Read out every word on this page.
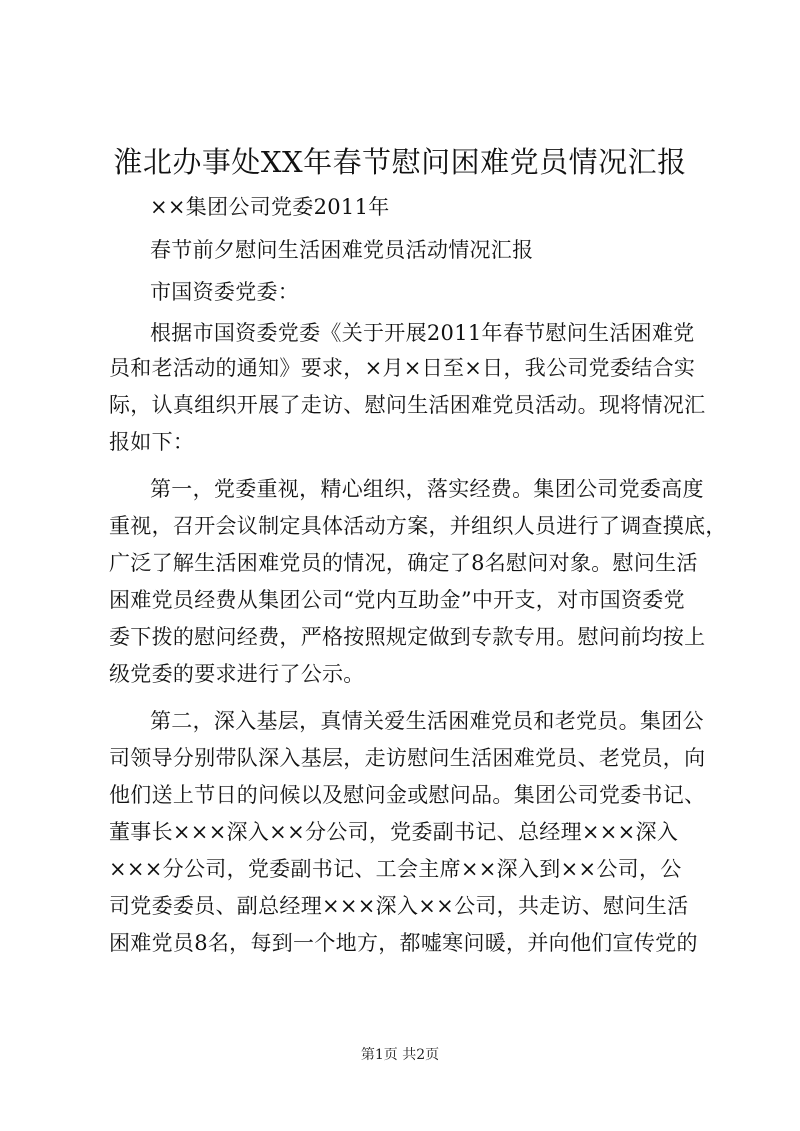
淮北办事处XX年春节慰问困难党员情况汇报
××集团公司党委2011年
春节前夕慰问生活困难党员活动情况汇报
市国资委党委：
根据市国资委党委《关于开展2011年春节慰问生活困难党
员和老活动的通知》要求，×月×日至×日，我公司党委结合实
际，认真组织开展了走访、慰问生活困难党员活动。现将情况汇
报如下：
第一，党委重视，精心组织，落实经费。集团公司党委高度
重视，召开会议制定具体活动方案，并组织人员进行了调查摸底，
广泛了解生活困难党员的情况，确定了8名慰问对象。慰问生活
困难党员经费从集团公司“党内互助金”中开支，对市国资委党
委下拨的慰问经费，严格按照规定做到专款专用。慰问前均按上
级党委的要求进行了公示。
第二，深入基层，真情关爱生活困难党员和老党员。集团公
司领导分别带队深入基层，走访慰问生活困难党员、老党员，向
他们送上节日的问候以及慰问金或慰问品。集团公司党委书记、
董事长×××深入××分公司，党委副书记、总经理×××深入
×××分公司，党委副书记、工会主席××深入到××公司，公
司党委委员、副总经理×××深入××公司，共走访、慰问生活
困难党员8名，每到一个地方，都嘘寒问暖，并向他们宣传党的
第1页 共2页
